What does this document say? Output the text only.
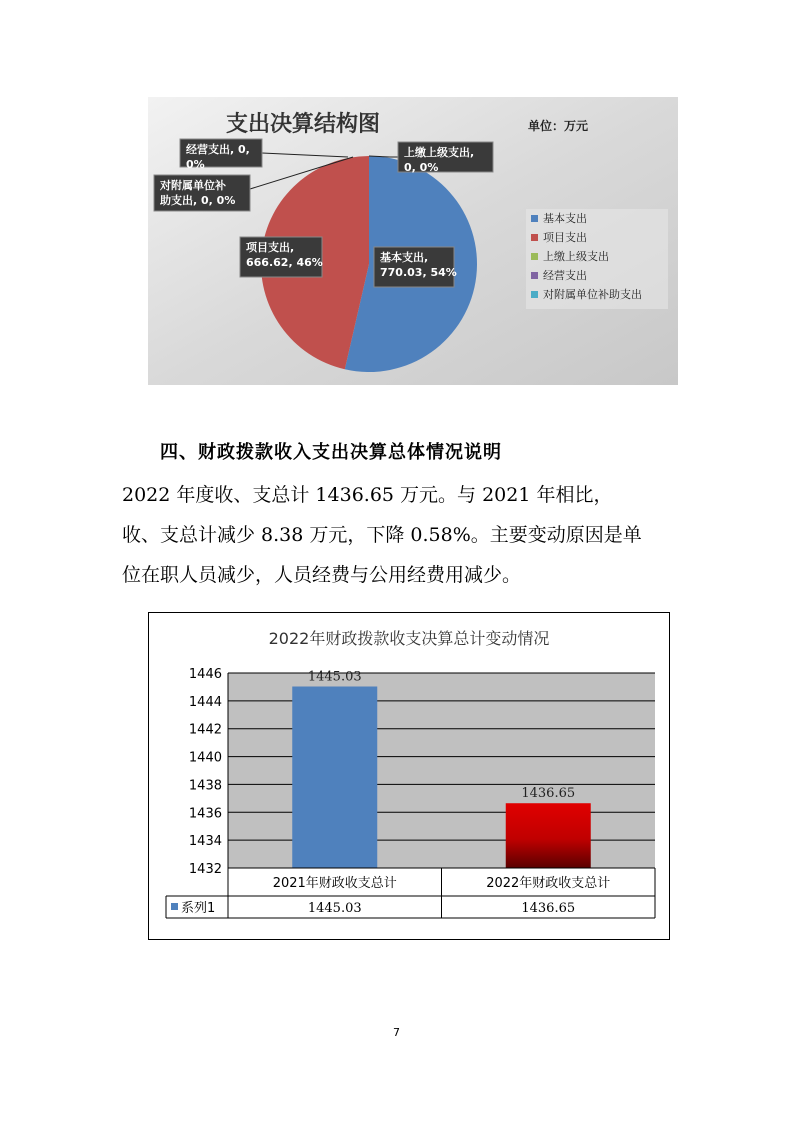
支出决算结构图	单位：万元
基本支出,
770.03, 54%
项目支出,
666.62, 46%
上缴上级支出,
0, 0%
经营支出, 0,
0%
对附属单位补
助支出, 0, 0%
基本支出
项目支出
上缴上级支出
经营支出
对附属单位补助支出
四、财政拨款收入支出决算总体情况说明
2022 年度收、支总计 1436.65 万元。与 2021 年相比，
收、支总计减少 8.38 万元，下降 0.58%。主要变动原因是单
位在职人员减少，人员经费与公用经费用减少。
2022年财政拨款收支决算总计变动情况
1432
1434
1436
1438
1440
1442
1444
1446	1445.03
1436.65
2021年财政收支总计
1445.03
2022年财政收支总计
1436.65
系列1
7
